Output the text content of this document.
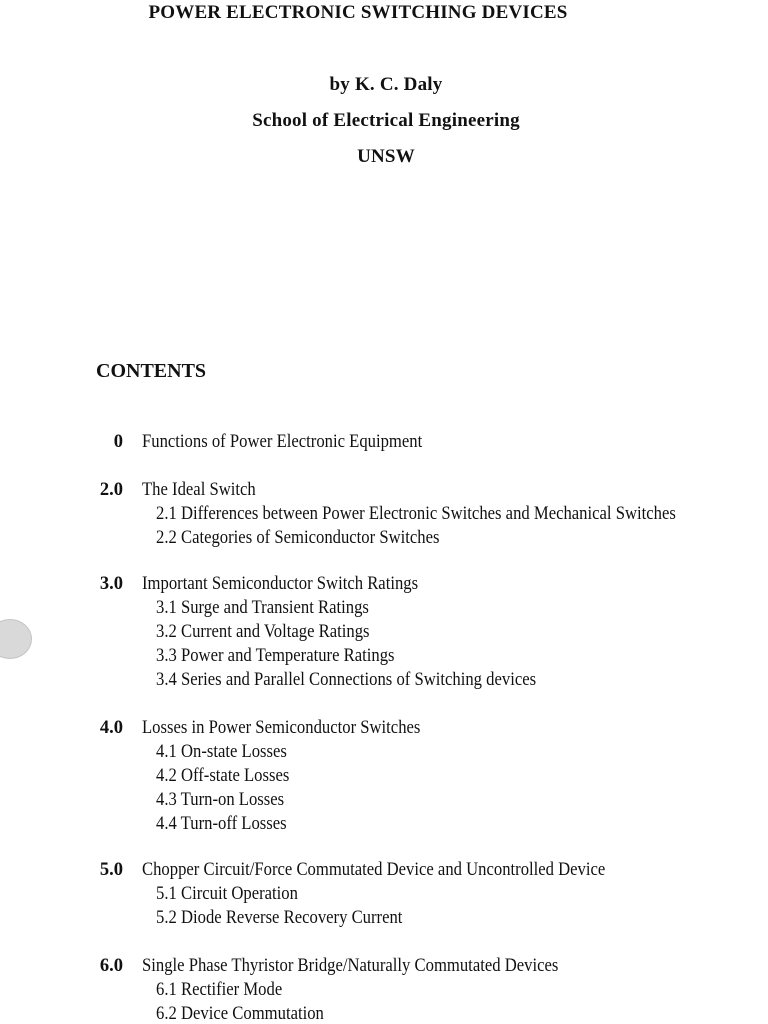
POWER ELECTRONIC SWITCHING DEVICES
by K. C. Daly
School of Electrical Engineering
UNSW
CONTENTS
0 Functions of Power Electronic Equipment
2.0 The Ideal Switch
2.1 Differences between Power Electronic Switches and Mechanical Switches
2.2 Categories of Semiconductor Switches
3.0 Important Semiconductor Switch Ratings
3.1 Surge and Transient Ratings
3.2 Current and Voltage Ratings
3.3 Power and Temperature Ratings
3.4 Series and Parallel Connections of Switching devices
4.0 Losses in Power Semiconductor Switches
4.1 On-state Losses
4.2 Off-state Losses
4.3 Turn-on Losses
4.4 Turn-off Losses
5.0 Chopper Circuit/Force Commutated Device and Uncontrolled Device
5.1 Circuit Operation
5.2 Diode Reverse Recovery Current
6.0 Single Phase Thyristor Bridge/Naturally Commutated Devices
6.1 Rectifier Mode
6.2 Device Commutation
